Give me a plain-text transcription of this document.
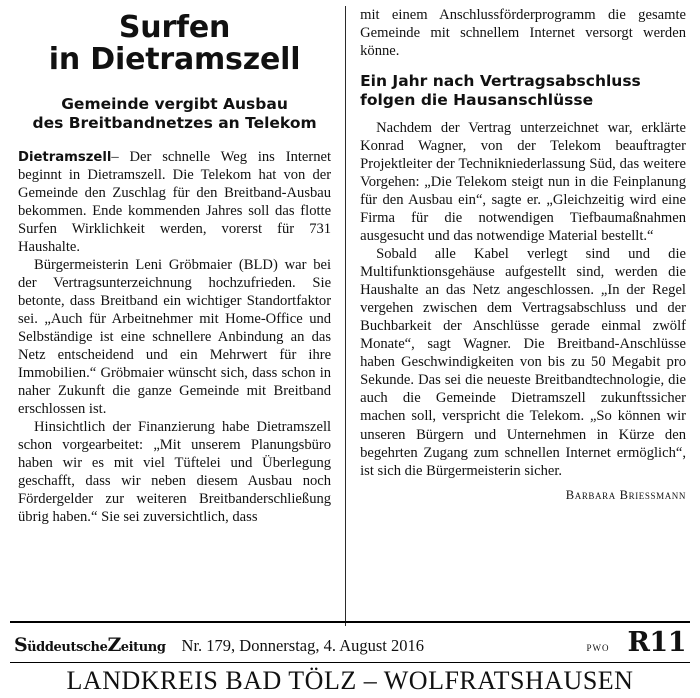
Surfen
in Dietramszell
Gemeinde vergibt Ausbau
des Breitbandnetzes an Telekom

Dietramszell– Der schnelle Weg ins Internet beginnt in Dietramszell. Die Telekom hat von der Gemeinde den Zuschlag für den Breitband-Ausbau bekommen. Ende kommenden Jahres soll das flotte Surfen Wirklichkeit werden, vorerst für 731 Haushalte.

Bürgermeisterin Leni Gröbmaier (BLD) war bei der Vertragsunterzeichnung hochzufrieden. Sie betonte, dass Breitband ein wichtiger Standortfaktor sei. „Auch für Arbeitnehmer mit Home-Office und Selbständige ist eine schnellere Anbindung an das Netz entscheidend und ein Mehrwert für ihre Immobilien.“ Gröbmaier wünscht sich, dass schon in naher Zukunft die ganze Gemeinde mit Breitband erschlossen ist.

Hinsichtlich der Finanzierung habe Dietramszell schon vorgearbeitet: „Mit unserem Planungsbüro haben wir es mit viel Tüftelei und Überlegung geschafft, dass wir neben diesem Ausbau noch Fördergelder zur weiteren Breitbanderschließung übrig haben.“ Sie sei zuversichtlich, dass

mit einem Anschlussförderprogramm die gesamte Gemeinde mit schnellem Internet versorgt werden könne.

Ein Jahr nach Vertragsabschluss
folgen die Hausanschlüsse

Nachdem der Vertrag unterzeichnet war, erklärte Konrad Wagner, von der Telekom beauftragter Projektleiter der Technikniederlassung Süd, das weitere Vorgehen: „Die Telekom steigt nun in die Feinplanung für den Ausbau ein“, sagte er. „Gleichzeitig wird eine Firma für die notwendigen Tiefbaumaßnahmen ausgesucht und das notwendige Material bestellt.“

Sobald alle Kabel verlegt sind und die Multifunktionsgehäuse aufgestellt sind, werden die Haushalte an das Netz angeschlossen. „In der Regel vergehen zwischen dem Vertragsabschluss und der Buchbarkeit der Anschlüsse gerade einmal zwölf Monate“, sagt Wagner. Die Breitband-Anschlüsse haben Geschwindigkeiten von bis zu 50 Megabit pro Sekunde. Das sei die neueste Breitbandtechnologie, die auch die Gemeinde Dietramszell zukunftssicher machen soll, verspricht die Telekom. „So können wir unseren Bürgern und Unternehmen in Kürze den begehrten Zugang zum schnellen Internet ermöglich“, ist sich die Bürgermeisterin sicher.

Barbara Briessmann
SüddeutscheZeitung Nr. 179, Donnerstag, 4. August 2016	pwo R11
LANDKREIS BAD TÖLZ – WOLFRATSHAUSEN
